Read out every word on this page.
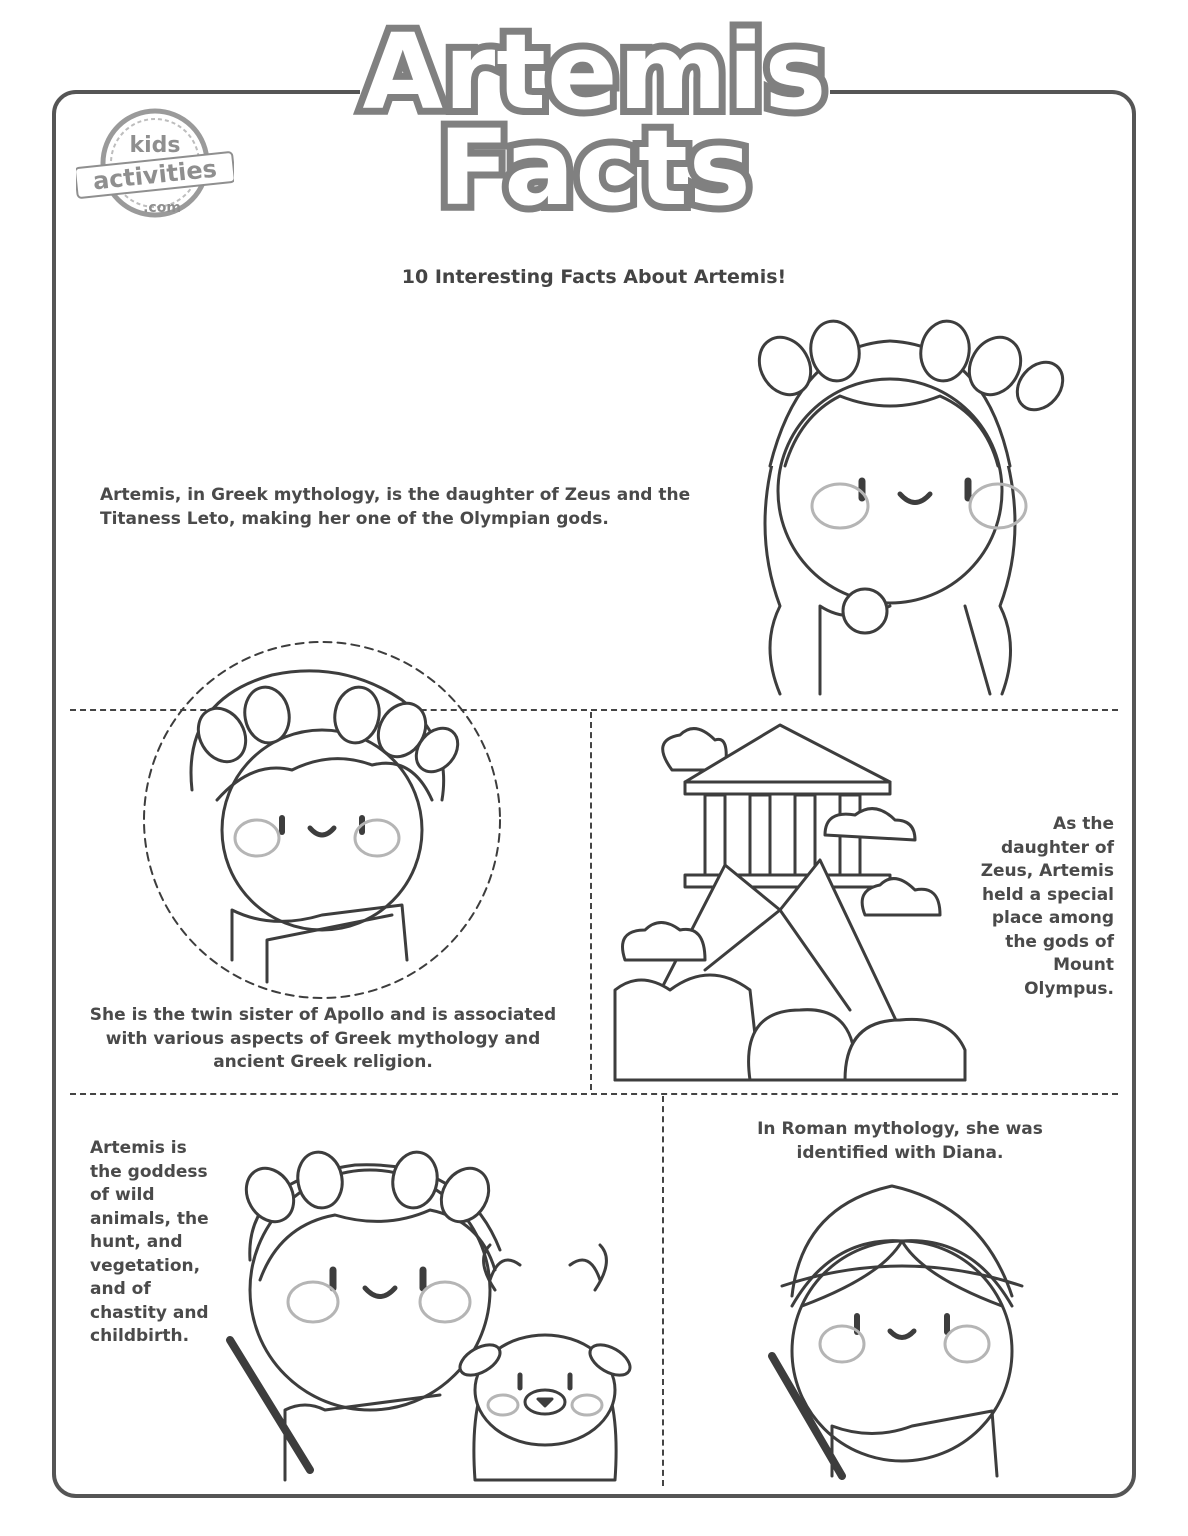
kids
activities
.com
Artemis
Facts
10 Interesting Facts About Artemis!
Artemis, in Greek mythology, is the daughter of Zeus and the Titaness Leto, making her one of the Olympian gods.
She is the twin sister of Apollo and is associated with various aspects of Greek mythology and ancient Greek religion.
As the daughter of Zeus, Artemis held a special place among the gods of Mount Olympus.
Artemis is the goddess of wild animals, the hunt, and vegetation, and of chastity and childbirth.
In Roman mythology, she was identified with Diana.
